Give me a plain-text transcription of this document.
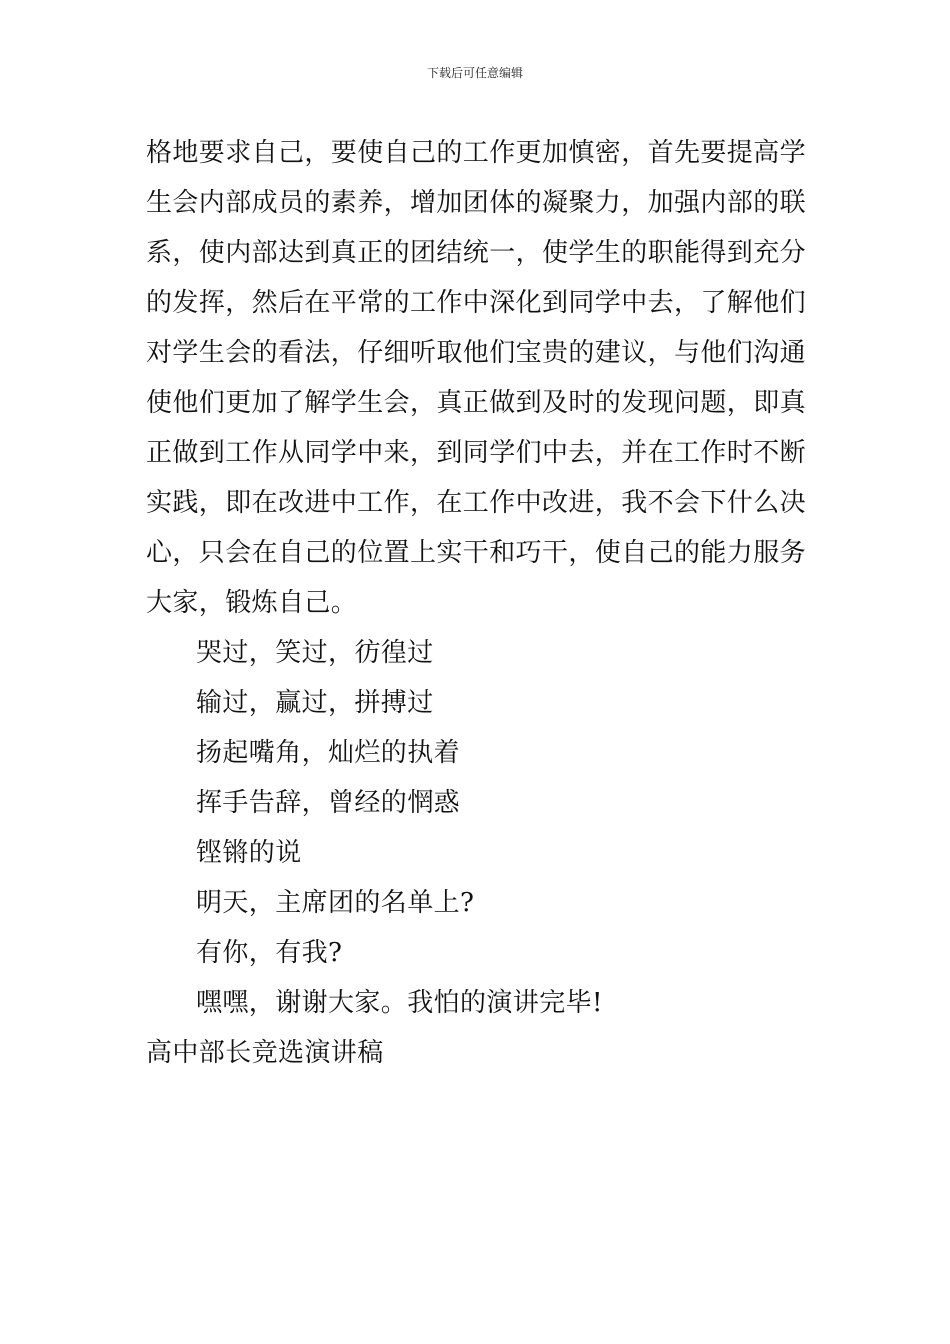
下载后可任意编辑

格地要求自己，要使自己的工作更加慎密，首先要提高学

生会内部成员的素养，增加团体的凝聚力，加强内部的联

系，使内部达到真正的团结统一，使学生的职能得到充分

的发挥，然后在平常的工作中深化到同学中去，了解他们

对学生会的看法，仔细听取他们宝贵的建议，与他们沟通

使他们更加了解学生会，真正做到及时的发现问题，即真

正做到工作从同学中来，到同学们中去，并在工作时不断

实践，即在改进中工作，在工作中改进，我不会下什么决

心，只会在自己的位置上实干和巧干，使自己的能力服务

大家，锻炼自己。

哭过，笑过，彷徨过

输过，赢过，拼搏过

扬起嘴角，灿烂的执着

挥手告辞，曾经的惘惑

铿锵的说

明天，主席团的名单上?

有你，有我?

嘿嘿，谢谢大家。我怕的演讲完毕!

高中部长竞选演讲稿
